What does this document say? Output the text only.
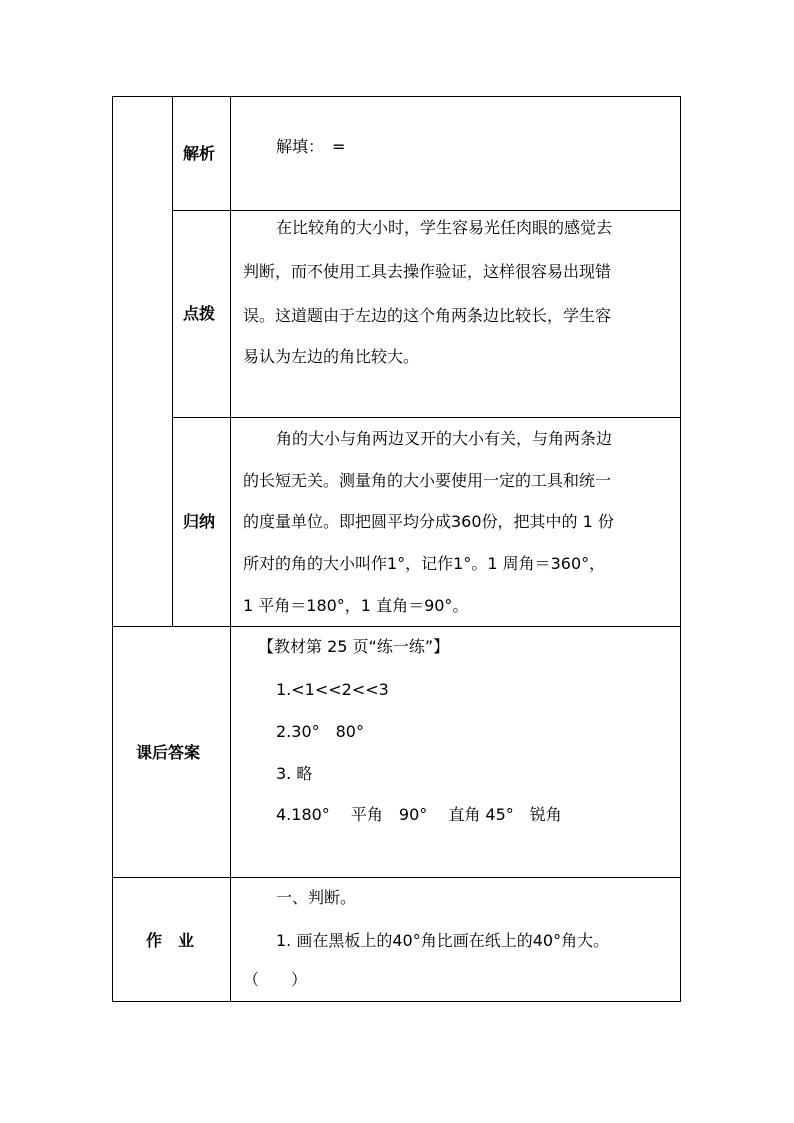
解析
点拨
归纳
课后答案
作　业
解填：　=
在比较角的大小时，学生容易光任肉眼的感觉去
判断，而不使用工具去操作验证，这样很容易出现错
误。这道题由于左边的这个角两条边比较长，学生容
易认为左边的角比较大。
角的大小与角两边叉开的大小有关，与角两条边
的长短无关。测量角的大小要使用一定的工具和统一
的度量单位。即把圆平均分成360份，把其中的 1 份
所对的角的大小叫作1°，记作1°。1 周角＝360°，
1 平角＝180°，1 直角＝90°。
【教材第 25 页“练一练”】
1.<1<<2<<3
2.30°　80°
3. 略
4.180°　 平角　90°　 直角 45°　锐角
一、判断。
1. 画在黑板上的40°角比画在纸上的40°角大。
（　　）
